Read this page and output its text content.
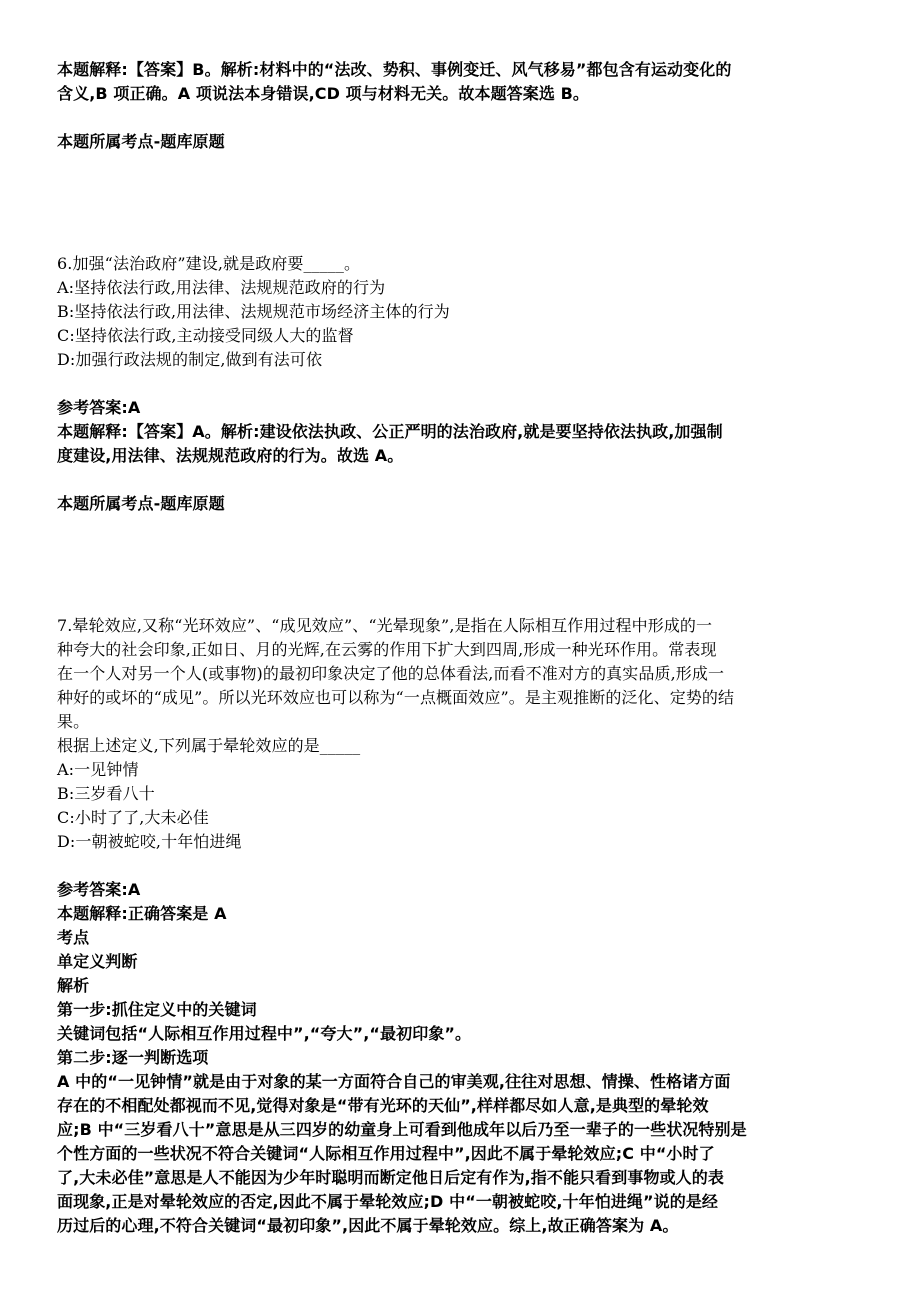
本题解释:【答案】B。解析:材料中的“法改、势积、事例变迁、风气移易”都包含有运动变化的
含义,B 项正确。A 项说法本身错误,CD 项与材料无关。故本题答案选 B。
本题所属考点-题库原题
6.加强“法治政府”建设,就是政府要_____。
A:坚持依法行政,用法律、法规规范政府的行为
B:坚持依法行政,用法律、法规规范市场经济主体的行为
C:坚持依法行政,主动接受同级人大的监督
D:加强行政法规的制定,做到有法可依
参考答案:A
本题解释:【答案】A。解析:建设依法执政、公正严明的法治政府,就是要坚持依法执政,加强制
度建设,用法律、法规规范政府的行为。故选 A。
本题所属考点-题库原题
7.晕轮效应,又称“光环效应”、“成见效应”、“光晕现象”,是指在人际相互作用过程中形成的一
种夸大的社会印象,正如日、月的光辉,在云雾的作用下扩大到四周,形成一种光环作用。常表现
在一个人对另一个人(或事物)的最初印象决定了他的总体看法,而看不准对方的真实品质,形成一
种好的或坏的“成见”。所以光环效应也可以称为“一点概面效应”。是主观推断的泛化、定势的结
果。
根据上述定义,下列属于晕轮效应的是_____
A:一见钟情
B:三岁看八十
C:小时了了,大未必佳
D:一朝被蛇咬,十年怕进绳
参考答案:A
本题解释:正确答案是 A
考点
单定义判断
解析
第一步:抓住定义中的关键词
关键词包括“人际相互作用过程中”,“夸大”,“最初印象”。
第二步:逐一判断选项
A 中的“一见钟情”就是由于对象的某一方面符合自己的审美观,往往对思想、情操、性格诸方面
存在的不相配处都视而不见,觉得对象是“带有光环的天仙”,样样都尽如人意,是典型的晕轮效
应;B 中“三岁看八十”意思是从三四岁的幼童身上可看到他成年以后乃至一辈子的一些状况特别是
个性方面的一些状况不符合关键词“人际相互作用过程中”,因此不属于晕轮效应;C 中“小时了
了,大未必佳”意思是人不能因为少年时聪明而断定他日后定有作为,指不能只看到事物或人的表
面现象,正是对晕轮效应的否定,因此不属于晕轮效应;D 中“一朝被蛇咬,十年怕进绳”说的是经
历过后的心理,不符合关键词“最初印象”,因此不属于晕轮效应。综上,故正确答案为 A。
